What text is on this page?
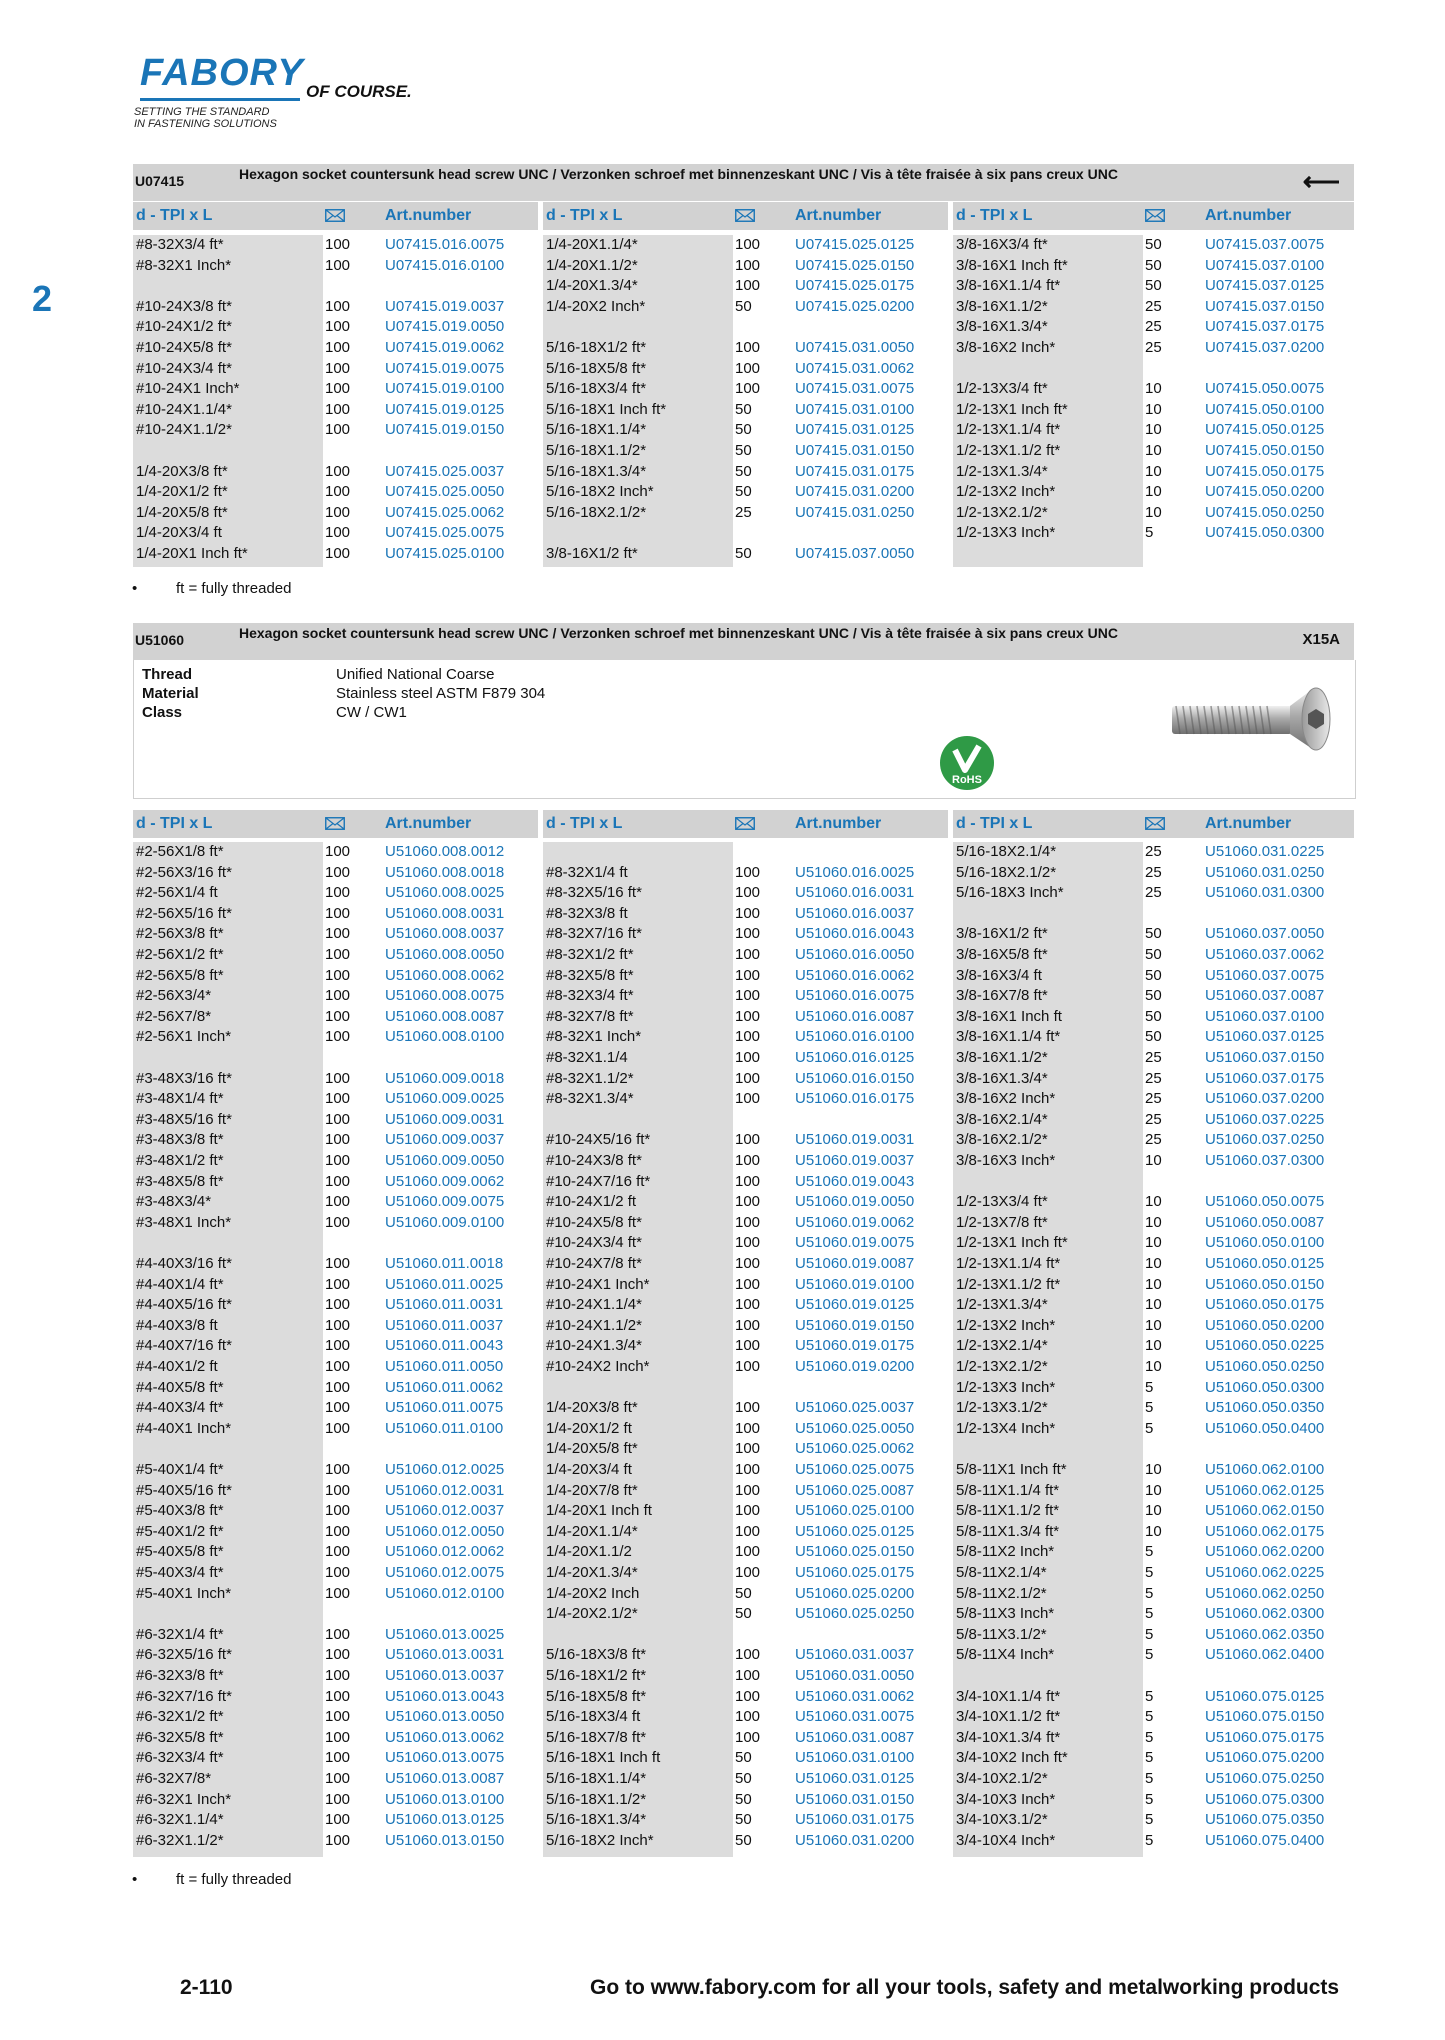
FABORY OF COURSE.
SETTING THE STANDARD
IN FASTENING SOLUTIONS
2
U07415	Hexagon socket countersunk head screw UNC / Verzonken schroef met binnenzeskant UNC / Vis à tête fraisée à six pans creux UNC	⟵
d - TPI x L	Art.number	d - TPI x L	Art.number	d - TPI x L	Art.number
#8-32X3/4 ft*	100 U07415.016.0075
#8-32X1 Inch*	100 U07415.016.0100
#10-24X3/8 ft*	100 U07415.019.0037
#10-24X1/2 ft*	100 U07415.019.0050
#10-24X5/8 ft*	100 U07415.019.0062
#10-24X3/4 ft*	100 U07415.019.0075
#10-24X1 Inch*	100 U07415.019.0100
#10-24X1.1/4*	100 U07415.019.0125
#10-24X1.1/2*	100 U07415.019.0150
1/4-20X3/8 ft*	100 U07415.025.0037
1/4-20X1/2 ft*	100 U07415.025.0050
1/4-20X5/8 ft*	100 U07415.025.0062
1/4-20X3/4 ft	100 U07415.025.0075
1/4-20X1 Inch ft*	100 U07415.025.0100
1/4-20X1.1/4*	100 U07415.025.0125
1/4-20X1.1/2*	100 U07415.025.0150
1/4-20X1.3/4*	100 U07415.025.0175
1/4-20X2 Inch*	50	U07415.025.0200
5/16-18X1/2 ft*	100 U07415.031.0050
5/16-18X5/8 ft*	100 U07415.031.0062
5/16-18X3/4 ft*	100 U07415.031.0075
5/16-18X1 Inch ft*	50	U07415.031.0100
5/16-18X1.1/4*	50	U07415.031.0125
5/16-18X1.1/2*	50	U07415.031.0150
5/16-18X1.3/4*	50	U07415.031.0175
5/16-18X2 Inch*	50	U07415.031.0200
5/16-18X2.1/2*	25	U07415.031.0250
3/8-16X1/2 ft*	50	U07415.037.0050
3/8-16X3/4 ft*	50	U07415.037.0075
3/8-16X1 Inch ft*	50	U07415.037.0100
3/8-16X1.1/4 ft*	50	U07415.037.0125
3/8-16X1.1/2*	25	U07415.037.0150
3/8-16X1.3/4*	25	U07415.037.0175
3/8-16X2 Inch*	25	U07415.037.0200
1/2-13X3/4 ft*	10	U07415.050.0075
1/2-13X1 Inch ft*	10	U07415.050.0100
1/2-13X1.1/4 ft*	10	U07415.050.0125
1/2-13X1.1/2 ft*	10	U07415.050.0150
1/2-13X1.3/4*	10	U07415.050.0175
1/2-13X2 Inch*	10	U07415.050.0200
1/2-13X2.1/2*	10	U07415.050.0250
1/2-13X3 Inch*	5	U07415.050.0300
•	ft = fully threaded
U51060	Hexagon socket countersunk head screw UNC / Verzonken schroef met binnenzeskant UNC / Vis à tête fraisée à six pans creux UNC	X15A
Thread	Unified National Coarse
Material	Stainless steel ASTM F879 304
Class	CW / CW1
RoHS
d - TPI x L	Art.number	d - TPI x L	Art.number	d - TPI x L	Art.number
#2-56X1/8 ft*	100 U51060.008.0012
#2-56X3/16 ft*	100 U51060.008.0018
#2-56X1/4 ft	100 U51060.008.0025
#2-56X5/16 ft*	100 U51060.008.0031
#2-56X3/8 ft*	100 U51060.008.0037
#2-56X1/2 ft*	100 U51060.008.0050
#2-56X5/8 ft*	100 U51060.008.0062
#2-56X3/4*	100 U51060.008.0075
#2-56X7/8*	100 U51060.008.0087
#2-56X1 Inch*	100 U51060.008.0100
#3-48X3/16 ft*	100 U51060.009.0018
#3-48X1/4 ft*	100 U51060.009.0025
#3-48X5/16 ft*	100 U51060.009.0031
#3-48X3/8 ft*	100 U51060.009.0037
#3-48X1/2 ft*	100 U51060.009.0050
#3-48X5/8 ft*	100 U51060.009.0062
#3-48X3/4*	100 U51060.009.0075
#3-48X1 Inch*	100 U51060.009.0100
#4-40X3/16 ft*	100 U51060.011.0018
#4-40X1/4 ft*	100 U51060.011.0025
#4-40X5/16 ft*	100 U51060.011.0031
#4-40X3/8 ft	100 U51060.011.0037
#4-40X7/16 ft*	100 U51060.011.0043
#4-40X1/2 ft	100 U51060.011.0050
#4-40X5/8 ft*	100 U51060.011.0062
#4-40X3/4 ft*	100 U51060.011.0075
#4-40X1 Inch*	100 U51060.011.0100
#5-40X1/4 ft*	100 U51060.012.0025
#5-40X5/16 ft*	100 U51060.012.0031
#5-40X3/8 ft*	100 U51060.012.0037
#5-40X1/2 ft*	100 U51060.012.0050
#5-40X5/8 ft*	100 U51060.012.0062
#5-40X3/4 ft*	100 U51060.012.0075
#5-40X1 Inch*	100 U51060.012.0100
#6-32X1/4 ft*	100 U51060.013.0025
#6-32X5/16 ft*	100 U51060.013.0031
#6-32X3/8 ft*	100 U51060.013.0037
#6-32X7/16 ft*	100 U51060.013.0043
#6-32X1/2 ft*	100 U51060.013.0050
#6-32X5/8 ft*	100 U51060.013.0062
#6-32X3/4 ft*	100 U51060.013.0075
#6-32X7/8*	100 U51060.013.0087
#6-32X1 Inch*	100 U51060.013.0100
#6-32X1.1/4*	100 U51060.013.0125
#6-32X1.1/2*	100 U51060.013.0150
#8-32X1/4 ft	100 U51060.016.0025
#8-32X5/16 ft*	100 U51060.016.0031
#8-32X3/8 ft	100 U51060.016.0037
#8-32X7/16 ft*	100 U51060.016.0043
#8-32X1/2 ft*	100 U51060.016.0050
#8-32X5/8 ft*	100 U51060.016.0062
#8-32X3/4 ft*	100 U51060.016.0075
#8-32X7/8 ft*	100 U51060.016.0087
#8-32X1 Inch*	100 U51060.016.0100
#8-32X1.1/4	100 U51060.016.0125
#8-32X1.1/2*	100 U51060.016.0150
#8-32X1.3/4*	100 U51060.016.0175
#10-24X5/16 ft*	100 U51060.019.0031
#10-24X3/8 ft*	100 U51060.019.0037
#10-24X7/16 ft*	100 U51060.019.0043
#10-24X1/2 ft	100 U51060.019.0050
#10-24X5/8 ft*	100 U51060.019.0062
#10-24X3/4 ft*	100 U51060.019.0075
#10-24X7/8 ft*	100 U51060.019.0087
#10-24X1 Inch*	100 U51060.019.0100
#10-24X1.1/4*	100 U51060.019.0125
#10-24X1.1/2*	100 U51060.019.0150
#10-24X1.3/4*	100 U51060.019.0175
#10-24X2 Inch*	100 U51060.019.0200
1/4-20X3/8 ft*	100 U51060.025.0037
1/4-20X1/2 ft	100 U51060.025.0050
1/4-20X5/8 ft*	100 U51060.025.0062
1/4-20X3/4 ft	100 U51060.025.0075
1/4-20X7/8 ft*	100 U51060.025.0087
1/4-20X1 Inch ft	100 U51060.025.0100
1/4-20X1.1/4*	100 U51060.025.0125
1/4-20X1.1/2	100 U51060.025.0150
1/4-20X1.3/4*	100 U51060.025.0175
1/4-20X2 Inch	50	U51060.025.0200
1/4-20X2.1/2*	50	U51060.025.0250
5/16-18X3/8 ft*	100 U51060.031.0037
5/16-18X1/2 ft*	100 U51060.031.0050
5/16-18X5/8 ft*	100 U51060.031.0062
5/16-18X3/4 ft	100 U51060.031.0075
5/16-18X7/8 ft*	100 U51060.031.0087
5/16-18X1 Inch ft	50	U51060.031.0100
5/16-18X1.1/4*	50	U51060.031.0125
5/16-18X1.1/2*	50	U51060.031.0150
5/16-18X1.3/4*	50	U51060.031.0175
5/16-18X2 Inch*	50	U51060.031.0200
5/16-18X2.1/4*	25	U51060.031.0225
5/16-18X2.1/2*	25	U51060.031.0250
5/16-18X3 Inch*	25	U51060.031.0300
3/8-16X1/2 ft*	50	U51060.037.0050
3/8-16X5/8 ft*	50	U51060.037.0062
3/8-16X3/4 ft	50	U51060.037.0075
3/8-16X7/8 ft*	50	U51060.037.0087
3/8-16X1 Inch ft	50	U51060.037.0100
3/8-16X1.1/4 ft*	50	U51060.037.0125
3/8-16X1.1/2*	25	U51060.037.0150
3/8-16X1.3/4*	25	U51060.037.0175
3/8-16X2 Inch*	25	U51060.037.0200
3/8-16X2.1/4*	25	U51060.037.0225
3/8-16X2.1/2*	25	U51060.037.0250
3/8-16X3 Inch*	10	U51060.037.0300
1/2-13X3/4 ft*	10	U51060.050.0075
1/2-13X7/8 ft*	10	U51060.050.0087
1/2-13X1 Inch ft*	10	U51060.050.0100
1/2-13X1.1/4 ft*	10	U51060.050.0125
1/2-13X1.1/2 ft*	10	U51060.050.0150
1/2-13X1.3/4*	10	U51060.050.0175
1/2-13X2 Inch*	10	U51060.050.0200
1/2-13X2.1/4*	10	U51060.050.0225
1/2-13X2.1/2*	10	U51060.050.0250
1/2-13X3 Inch*	5	U51060.050.0300
1/2-13X3.1/2*	5	U51060.050.0350
1/2-13X4 Inch*	5	U51060.050.0400
5/8-11X1 Inch ft*	10	U51060.062.0100
5/8-11X1.1/4 ft*	10	U51060.062.0125
5/8-11X1.1/2 ft*	10	U51060.062.0150
5/8-11X1.3/4 ft*	10	U51060.062.0175
5/8-11X2 Inch*	5	U51060.062.0200
5/8-11X2.1/4*	5	U51060.062.0225
5/8-11X2.1/2*	5	U51060.062.0250
5/8-11X3 Inch*	5	U51060.062.0300
5/8-11X3.1/2*	5	U51060.062.0350
5/8-11X4 Inch*	5	U51060.062.0400
3/4-10X1.1/4 ft*	5	U51060.075.0125
3/4-10X1.1/2 ft*	5	U51060.075.0150
3/4-10X1.3/4 ft*	5	U51060.075.0175
3/4-10X2 Inch ft*	5	U51060.075.0200
3/4-10X2.1/2*	5	U51060.075.0250
3/4-10X3 Inch*	5	U51060.075.0300
3/4-10X3.1/2*	5	U51060.075.0350
3/4-10X4 Inch*	5	U51060.075.0400
•	ft = fully threaded
2-110	Go to www.fabory.com for all your tools, safety and metalworking products
